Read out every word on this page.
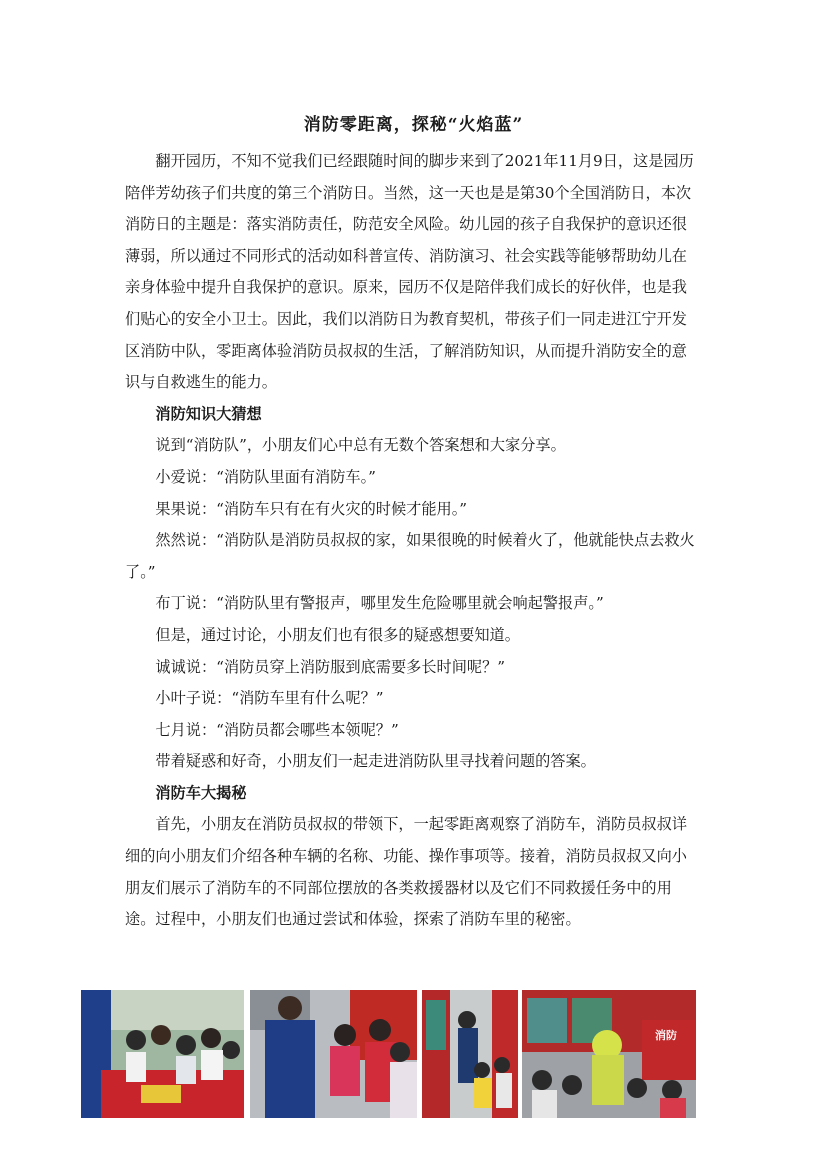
消防零距离，探秘“火焰蓝”

翻开园历，不知不觉我们已经跟随时间的脚步来到了2021年11月9日，这是园历陪伴芳幼孩子们共度的第三个消防日。当然，这一天也是是第30个全国消防日，本次消防日的主题是：落实消防责任，防范安全风险。幼儿园的孩子自我保护的意识还很薄弱，所以通过不同形式的活动如科普宣传、消防演习、社会实践等能够帮助幼儿在亲身体验中提升自我保护的意识。原来，园历不仅是陪伴我们成长的好伙伴，也是我们贴心的安全小卫士。因此，我们以消防日为教育契机，带孩子们一同走进江宁开发区消防中队，零距离体验消防员叔叔的生活，了解消防知识，从而提升消防安全的意识与自救逃生的能力。

消防知识大猜想

说到“消防队”，小朋友们心中总有无数个答案想和大家分享。

小爱说：“消防队里面有消防车。”

果果说：“消防车只有在有火灾的时候才能用。”

然然说：“消防队是消防员叔叔的家，如果很晚的时候着火了，他就能快点去救火了。”

布丁说：“消防队里有警报声，哪里发生危险哪里就会响起警报声。”

但是，通过讨论，小朋友们也有很多的疑惑想要知道。

诚诚说：“消防员穿上消防服到底需要多长时间呢？”

小叶子说：“消防车里有什么呢？”

七月说：“消防员都会哪些本领呢？”

带着疑惑和好奇，小朋友们一起走进消防队里寻找着问题的答案。

消防车大揭秘

首先，小朋友在消防员叔叔的带领下，一起零距离观察了消防车，消防员叔叔详细的向小朋友们介绍各种车辆的名称、功能、操作事项等。接着，消防员叔叔又向小朋友们展示了消防车的不同部位摆放的各类救援器材以及它们不同救援任务中的用途。过程中，小朋友们也通过尝试和体验，探索了消防车里的秘密。

消防
